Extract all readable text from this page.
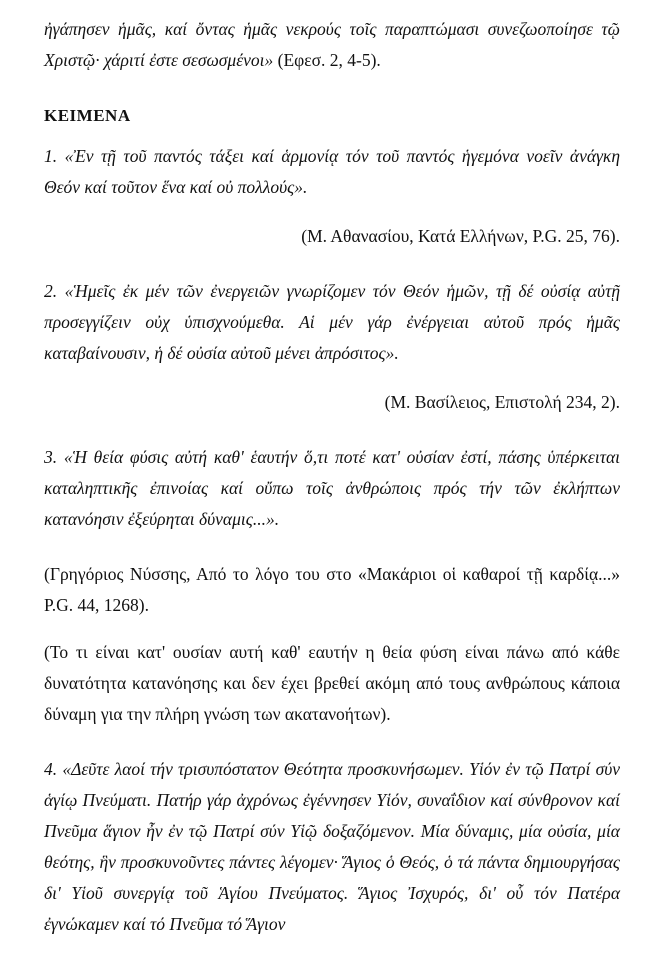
ἠγάπησεν ἡμᾶς, καί ὄντας ἡμᾶς νεκρούς τοῖς παραπτώμασι συνεζωοποίησε τῷ Χριστῷ· χάριτί ἐστε σεσωσμένοι» (Εφεσ. 2, 4-5).

ΚΕΙΜΕΝΑ

1. «Ἐν τῇ τοῦ παντός τάξει καί ἁρμονίᾳ τόν τοῦ παντός ἡγεμόνα νοεῖν ἀνάγκη Θεόν καί τοῦτον ἕνα καί οὐ πολλούς».

(Μ. Αθανασίου, Κατά Ελλήνων, P.G. 25, 76).

2. «Ἡμεῖς ἐκ μέν τῶν ἐνεργειῶν γνωρίζομεν τόν Θεόν ἡμῶν, τῇ δέ οὐσίᾳ αὐτῇ προσεγγίζειν οὐχ ὑπισχνούμεθα. Αἱ μέν γάρ ἐνέργειαι αὐτοῦ πρός ἡμᾶς καταβαίνουσιν, ἡ δέ οὐσία αὐτοῦ μένει ἀπρόσιτος».

(Μ. Βασίλειος, Επιστολή 234, 2).

3. «Ἡ θεία φύσις αὐτή καθ' ἑαυτήν ὅ,τι ποτέ κατ' οὐσίαν ἐστί, πάσης ὑπέρκειται καταληπτικῆς ἐπινοίας καί οὔπω τοῖς ἀνθρώποις πρός τήν τῶν ἐκλήπτων κατανόησιν ἐξεύρηται δύναμις...».

(Γρηγόριος Νύσσης, Από το λόγο του στο «Μακάριοι οἱ καθαροί τῇ καρδίᾳ...» P.G. 44, 1268).

(Το τι είναι κατ' ουσίαν αυτή καθ' εαυτήν η θεία φύση είναι πάνω από κάθε δυνατότητα κατανόησης και δεν έχει βρεθεί ακόμη από τους ανθρώπους κάποια δύναμη για την πλήρη γνώση των ακατανοήτων).

4. «Δεῦτε λαοί τήν τρισυπόστατον Θεότητα προσκυνήσωμεν. Υἱόν ἐν τῷ Πατρί σύν ἁγίῳ Πνεύματι. Πατήρ γάρ ἀχρόνως ἐγέννησεν Υἱόν, συναΐδιον καί σύνθρονον καί Πνεῦμα ἅγιον ἦν ἐν τῷ Πατρί σύν Υἱῷ δοξαζόμενον. Μία δύναμις, μία οὐσία, μία θεότης, ἣν προσκυνοῦντες πάντες λέγομεν· Ἅγιος ὁ Θεός, ὁ τά πάντα δημιουργήσας δι' Υἱοῦ συνεργίᾳ τοῦ Ἁγίου Πνεύματος. Ἅγιος Ἰσχυρός, δι' οὗ τόν Πατέρα ἐγνώκαμεν καί τό Πνεῦμα τό Ἅγιον
